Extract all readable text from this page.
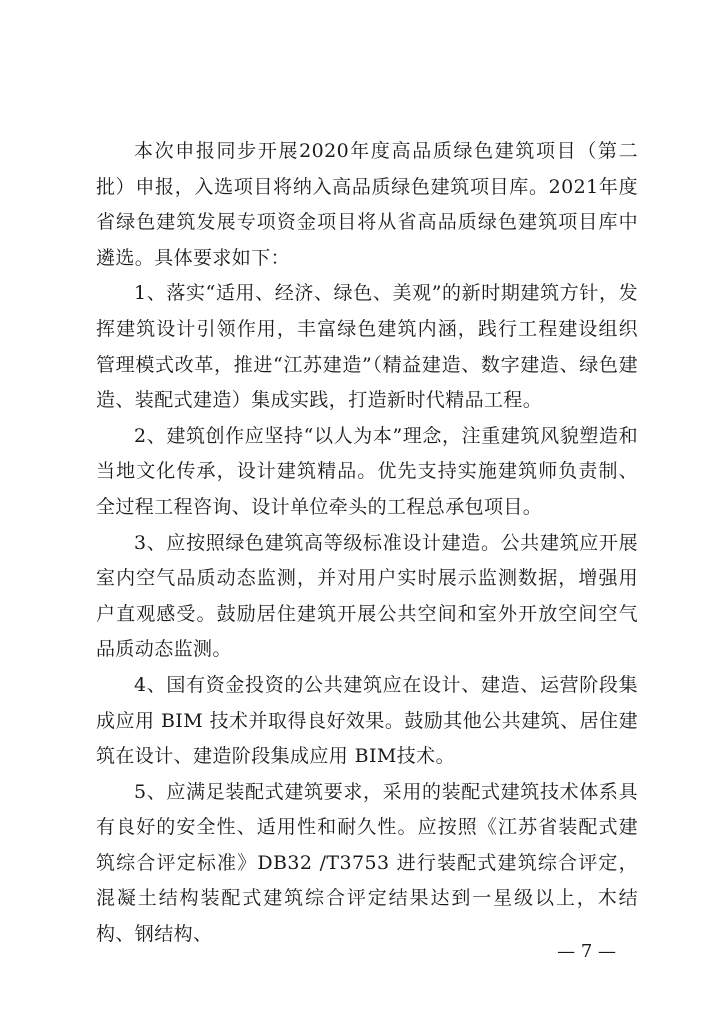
本次申报同步开展2020年度高品质绿色建筑项目（第二批）申报，入选项目将纳入高品质绿色建筑项目库。2021年度省绿色建筑发展专项资金项目将从省高品质绿色建筑项目库中遴选。具体要求如下：

1、落实“适用、经济、绿色、美观”的新时期建筑方针，发挥建筑设计引领作用，丰富绿色建筑内涵，践行工程建设组织管理模式改革，推进“江苏建造”（精益建造、数字建造、绿色建造、装配式建造）集成实践，打造新时代精品工程。

2、建筑创作应坚持“以人为本”理念，注重建筑风貌塑造和当地文化传承，设计建筑精品。优先支持实施建筑师负责制、全过程工程咨询、设计单位牵头的工程总承包项目。

3、应按照绿色建筑高等级标准设计建造。公共建筑应开展室内空气品质动态监测，并对用户实时展示监测数据，增强用户直观感受。鼓励居住建筑开展公共空间和室外开放空间空气品质动态监测。

4、国有资金投资的公共建筑应在设计、建造、运营阶段集成应用 BIM 技术并取得良好效果。鼓励其他公共建筑、居住建筑在设计、建造阶段集成应用 BIM技术。

5、应满足装配式建筑要求，采用的装配式建筑技术体系具有良好的安全性、适用性和耐久性。应按照《江苏省装配式建筑综合评定标准》DB32 /T3753 进行装配式建筑综合评定，混凝土结构装配式建筑综合评定结果达到一星级以上，木结构、钢结构、

— 7 —
